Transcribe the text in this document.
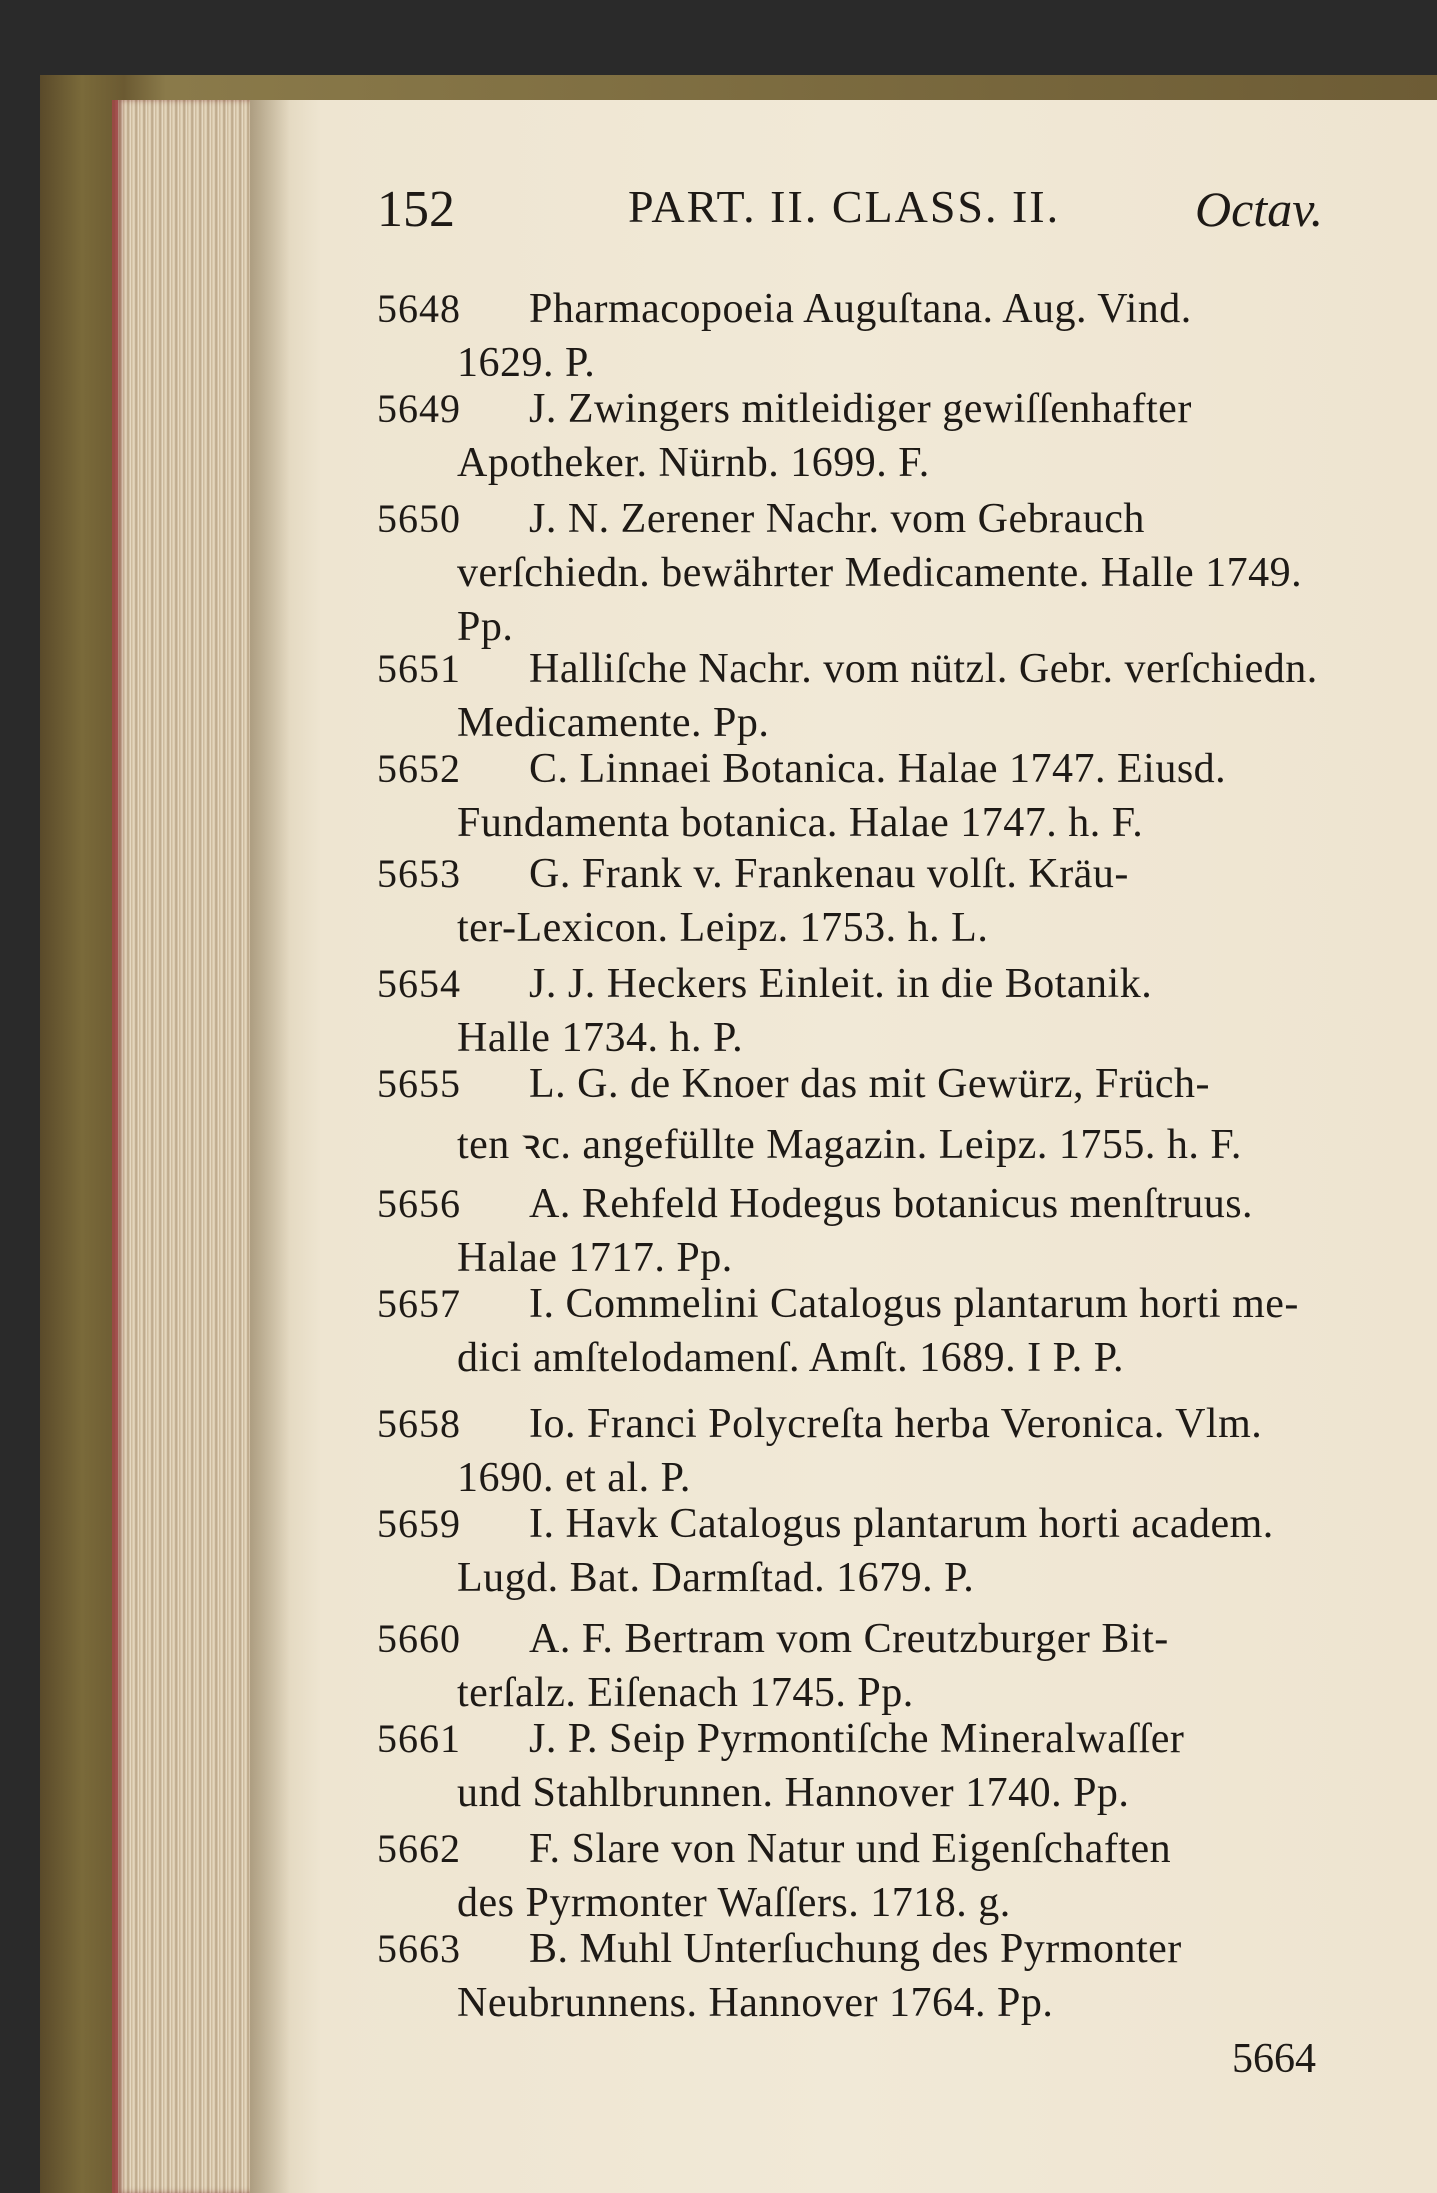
152	PART. II. CLASS. II.	Octav.
5648 Pharmacopoeia Auguſtana. Aug. Vind.
1629. P.
5649 J. Zwingers mitleidiger gewiſſenhafter
Apotheker. Nürnb. 1699. F.
5650 J. N. Zerener Nachr. vom Gebrauch
verſchiedn. bewährter Medicamente. Halle 1749.
Pp.
5651 Halliſche Nachr. vom nützl. Gebr. verſchiedn.
Medicamente. Pp.
5652 C. Linnaei Botanica. Halae 1747. Eiusd.
Fundamenta botanica. Halae 1747. h. F.
5653 G. Frank v. Frankenau volſt. Kräu-
ter-Lexicon. Leipz. 1753. h. L.
5654 J. J. Heckers Einleit. in die Botanik.
Halle 1734. h. P.
5655 L. G. de Knoer das mit Gewürz, Früch-
ten ꝛc. angefüllte Magazin. Leipz. 1755. h. F.
5656 A. Rehfeld Hodegus botanicus menſtruus.
Halae 1717. Pp.
5657 I. Commelini Catalogus plantarum horti me-
dici amſtelodamenſ. Amſt. 1689. I P. P.
5658 Io. Franci Polycreſta herba Veronica. Vlm.
1690. et al. P.
5659 I. Havk Catalogus plantarum horti academ.
Lugd. Bat. Darmſtad. 1679. P.
5660 A. F. Bertram vom Creutzburger Bit-
terſalz. Eiſenach 1745. Pp.
5661 J. P. Seip Pyrmontiſche Mineralwaſſer
und Stahlbrunnen. Hannover 1740. Pp.
5662 F. Slare von Natur und Eigenſchaften
des Pyrmonter Waſſers. 1718. g.
5663 B. Muhl Unterſuchung des Pyrmonter
Neubrunnens. Hannover 1764. Pp.
5664
